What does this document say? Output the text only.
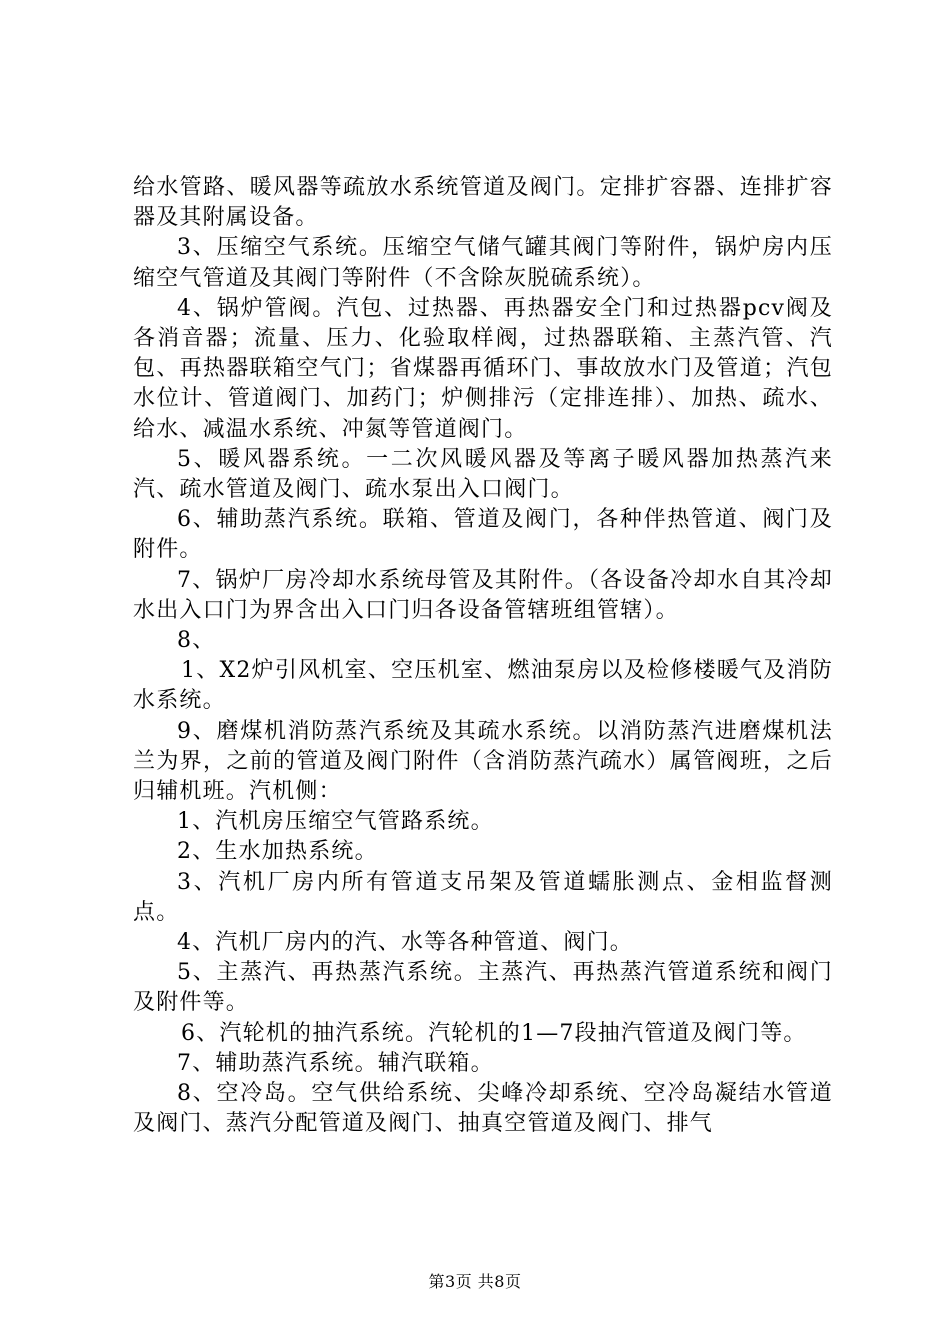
给水管路、暖风器等疏放水系统管道及阀门。定排扩容器、连排扩容器及其附属设备。

3、压缩空气系统。压缩空气储气罐其阀门等附件，锅炉房内压缩空气管道及其阀门等附件（不含除灰脱硫系统）。

4、锅炉管阀。汽包、过热器、再热器安全门和过热器pcv阀及各消音器；流量、压力、化验取样阀，过热器联箱、主蒸汽管、汽包、再热器联箱空气门；省煤器再循环门、事故放水门及管道；汽包水位计、管道阀门、加药门；炉侧排污（定排连排）、加热、疏水、给水、减温水系统、冲氮等管道阀门。

5、暖风器系统。一二次风暖风器及等离子暖风器加热蒸汽来汽、疏水管道及阀门、疏水泵出入口阀门。

6、辅助蒸汽系统。联箱、管道及阀门，各种伴热管道、阀门及附件。

7、锅炉厂房冷却水系统母管及其附件。（各设备冷却水自其冷却水出入口门为界含出入口门归各设备管辖班组管辖）。

8、

1、X2炉引风机室、空压机室、燃油泵房以及检修楼暖气及消防水系统。

9、磨煤机消防蒸汽系统及其疏水系统。以消防蒸汽进磨煤机法兰为界，之前的管道及阀门附件（含消防蒸汽疏水）属管阀班，之后归辅机班。汽机侧：

1、汽机房压缩空气管路系统。

2、生水加热系统。

3、汽机厂房内所有管道支吊架及管道蠕胀测点、金相监督测点。

4、汽机厂房内的汽、水等各种管道、阀门。

5、主蒸汽、再热蒸汽系统。主蒸汽、再热蒸汽管道系统和阀门及附件等。

6、汽轮机的抽汽系统。汽轮机的1—7段抽汽管道及阀门等。

7、辅助蒸汽系统。辅汽联箱。

8、空冷岛。空气供给系统、尖峰冷却系统、空冷岛凝结水管道及阀门、蒸汽分配管道及阀门、抽真空管道及阀门、排气

第3页 共8页
